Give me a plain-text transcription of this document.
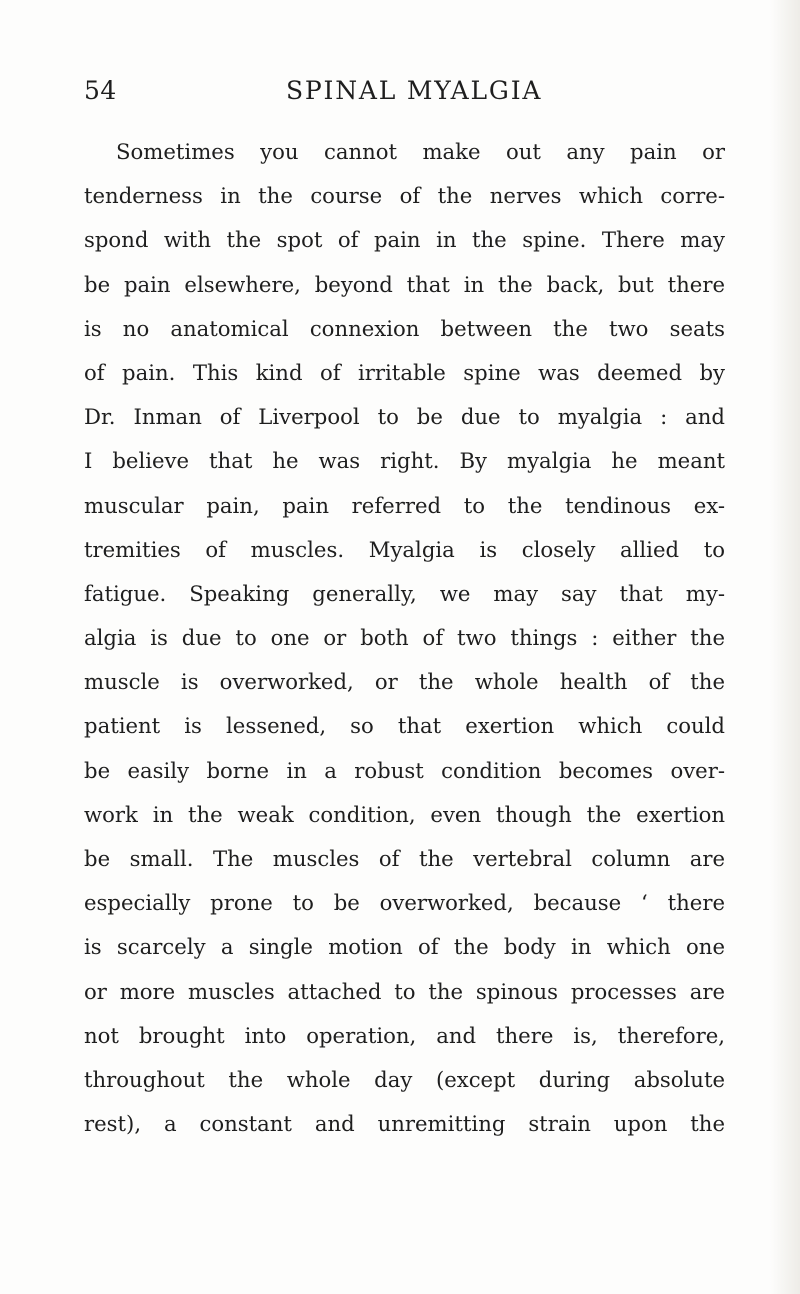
54	SPINAL MYALGIA
Sometimes you cannot make out any pain or
tenderness in the course of the nerves which corre-
spond with the spot of pain in the spine. There may
be pain elsewhere, beyond that in the back, but there
is no anatomical connexion between the two seats
of pain. This kind of irritable spine was deemed by
Dr. Inman of Liverpool to be due to myalgia : and
I believe that he was right. By myalgia he meant
muscular pain, pain referred to the tendinous ex-
tremities of muscles. Myalgia is closely allied to
fatigue. Speaking generally, we may say that my-
algia is due to one or both of two things : either the
muscle is overworked, or the whole health of the
patient is lessened, so that exertion which could
be easily borne in a robust condition becomes over-
work in the weak condition, even though the exertion
be small. The muscles of the vertebral column are
especially prone to be overworked, because ‘ there
is scarcely a single motion of the body in which one
or more muscles attached to the spinous processes are
not brought into operation, and there is, therefore,
throughout the whole day (except during absolute
rest), a constant and unremitting strain upon the
